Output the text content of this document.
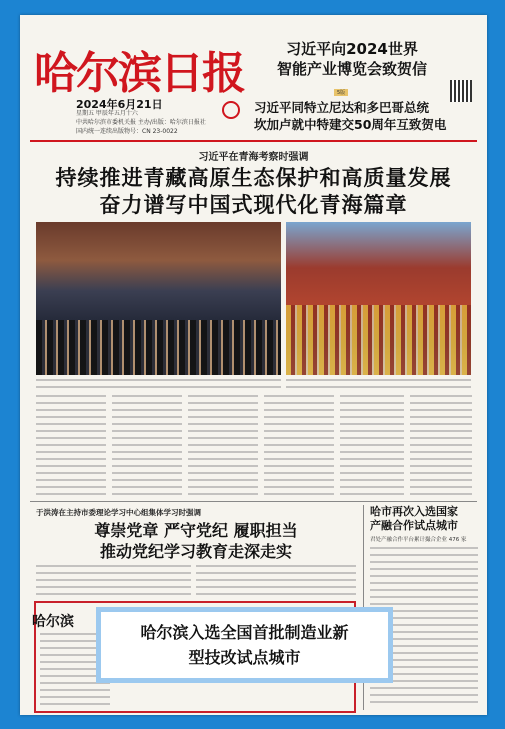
哈尔滨日报
2024年6月21日
星期五 甲辰年五月十六
中共哈尔滨市委机关报 主办/出版：哈尔滨日报社
国内统一连续出版物号：CN 23-0022
习近平向2024世界
智能产业博览会致贺信
5版
习近平同特立尼达和多巴哥总统
坎加卢就中特建交50周年互致贺电
习近平在青海考察时强调
持续推进青藏高原生态保护和高质量发展
奋力谱写中国式现代化青海篇章
于洪涛在主持市委理论学习中心组集体学习时强调
尊崇党章 严守党纪 履职担当
推动党纪学习教育走深走实
哈市再次入选国家
产融合作试点城市
君处产融合作平台累计撮合企业 476 家
哈尔滨
哈尔滨入选全国首批制造业新
型技改试点城市
